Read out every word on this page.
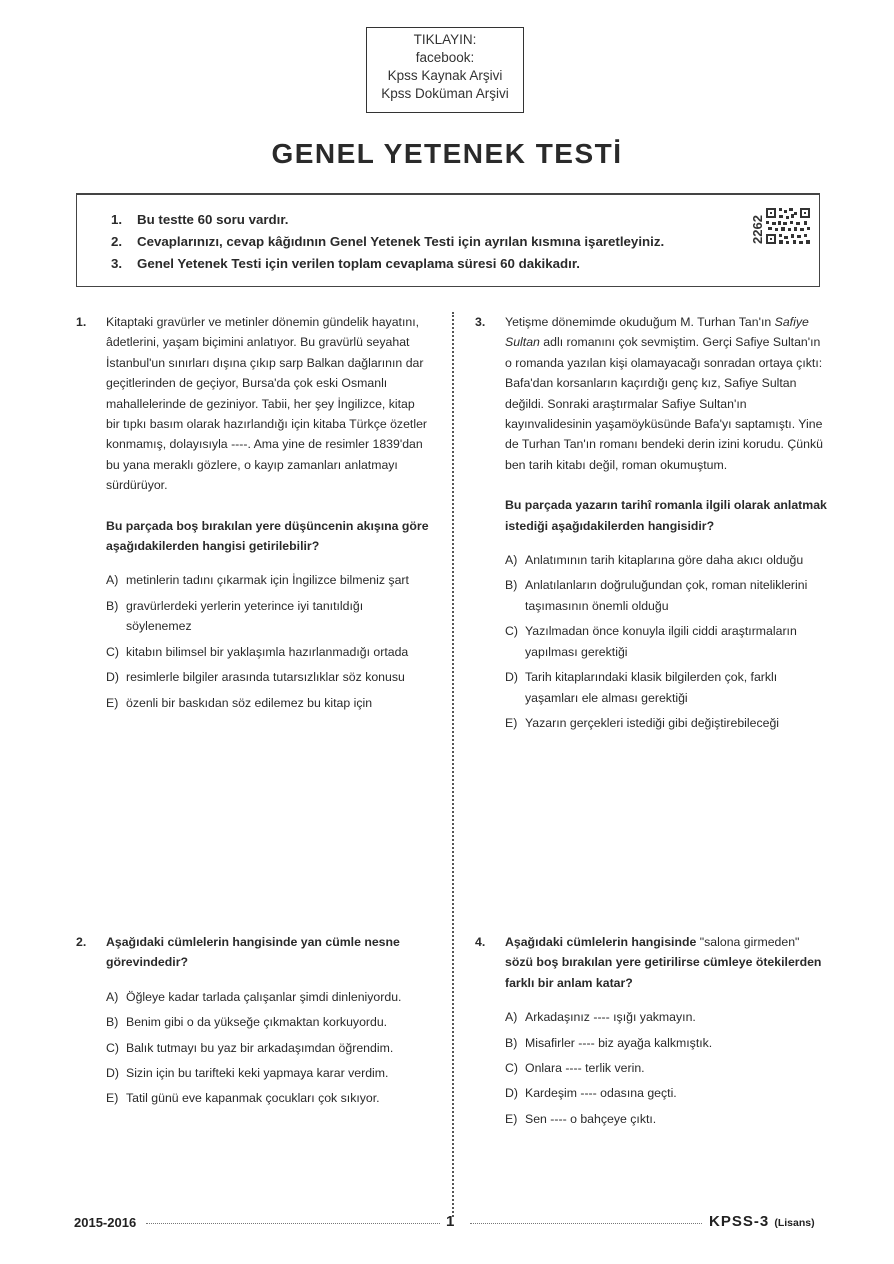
TIKLAYIN:
facebook:
Kpss Kaynak Arşivi
Kpss Doküman Arşivi
GENEL YETENEK TESTİ
1. Bu testte 60 soru vardır.
2. Cevaplarınızı, cevap kâğıdının Genel Yetenek Testi için ayrılan kısmına işaretleyiniz.
3. Genel Yetenek Testi için verilen toplam cevaplama süresi 60 dakikadır.
2262
1. Kitaptaki gravürler ve metinler dönemin gündelik hayatını, âdetlerini, yaşam biçimini anlatıyor. Bu gravürlü seyahat İstanbul'un sınırları dışına çıkıp sarp Balkan dağlarının dar geçitlerinden de geçiyor, Bursa'da çok eski Osmanlı mahallelerinde de geziniyor. Tabii, her şey İngilizce, kitap bir tıpkı basım olarak hazırlandığı için kitaba Türkçe özetler konmamış, dolayısıyla ----. Ama yine de resimler 1839'dan bu yana meraklı gözlere, o kayıp zamanları anlatmayı sürdürüyor.

Bu parçada boş bırakılan yere düşüncenin akışına göre aşağıdakilerden hangisi getirilebilir?

A) metinlerin tadını çıkarmak için İngilizce bilmeniz şart
B) gravürlerdeki yerlerin yeterince iyi tanıtıldığı söylenemez
C) kitabın bilimsel bir yaklaşımla hazırlanmadığı ortada
D) resimlerle bilgiler arasında tutarsızlıklar söz konusu
E) özenli bir baskıdan söz edilemez bu kitap için
2. Aşağıdaki cümlelerin hangisinde yan cümle nesne görevindedir?

A) Öğleye kadar tarlada çalışanlar şimdi dinleniyordu.
B) Benim gibi o da yükseğe çıkmaktan korkuyordu.
C) Balık tutmayı bu yaz bir arkadaşımdan öğrendim.
D) Sizin için bu tarifteki keki yapmaya karar verdim.
E) Tatil günü eve kapanmak çocukları çok sıkıyor.
3. Yetişme dönemimde okuduğum M. Turhan Tan'ın Safiye Sultan adlı romanını çok sevmiştim. Gerçi Safiye Sultan'ın o romanda yazılan kişi olamayacağı sonradan ortaya çıktı: Bafa'dan korsanların kaçırdığı genç kız, Safiye Sultan değildi. Sonraki araştırmalar Safiye Sultan'ın kayınvalidesinin yaşamöyküsünde Bafa'yı saptamıştı. Yine de Turhan Tan'ın romanı bendeki derin izini korudu. Çünkü ben tarih kitabı değil, roman okumuştum.

Bu parçada yazarın tarihî romanla ilgili olarak anlatmak istediği aşağıdakilerden hangisidir?

A) Anlatımının tarih kitaplarına göre daha akıcı olduğu
B) Anlatılanların doğruluğundan çok, roman niteliklerini taşımasının önemli olduğu
C) Yazılmadan önce konuyla ilgili ciddi araştırmaların yapılması gerektiği
D) Tarih kitaplarındaki klasik bilgilerden çok, farklı yaşamları ele alması gerektiği
E) Yazarın gerçekleri istediği gibi değiştirebileceği
4. Aşağıdaki cümlelerin hangisinde "salona girmeden" sözü boş bırakılan yere getirilirse cümleye ötekilerden farklı bir anlam katar?

A) Arkadaşınız ---- ışığı yakmayın.
B) Misafirler ---- biz ayağa kalkmıştık.
C) Onlara ---- terlik verin.
D) Kardeşim ---- odasına geçti.
E) Sen ---- o bahçeye çıktı.
2015-2016	1	KPSS-3 (Lisans)
